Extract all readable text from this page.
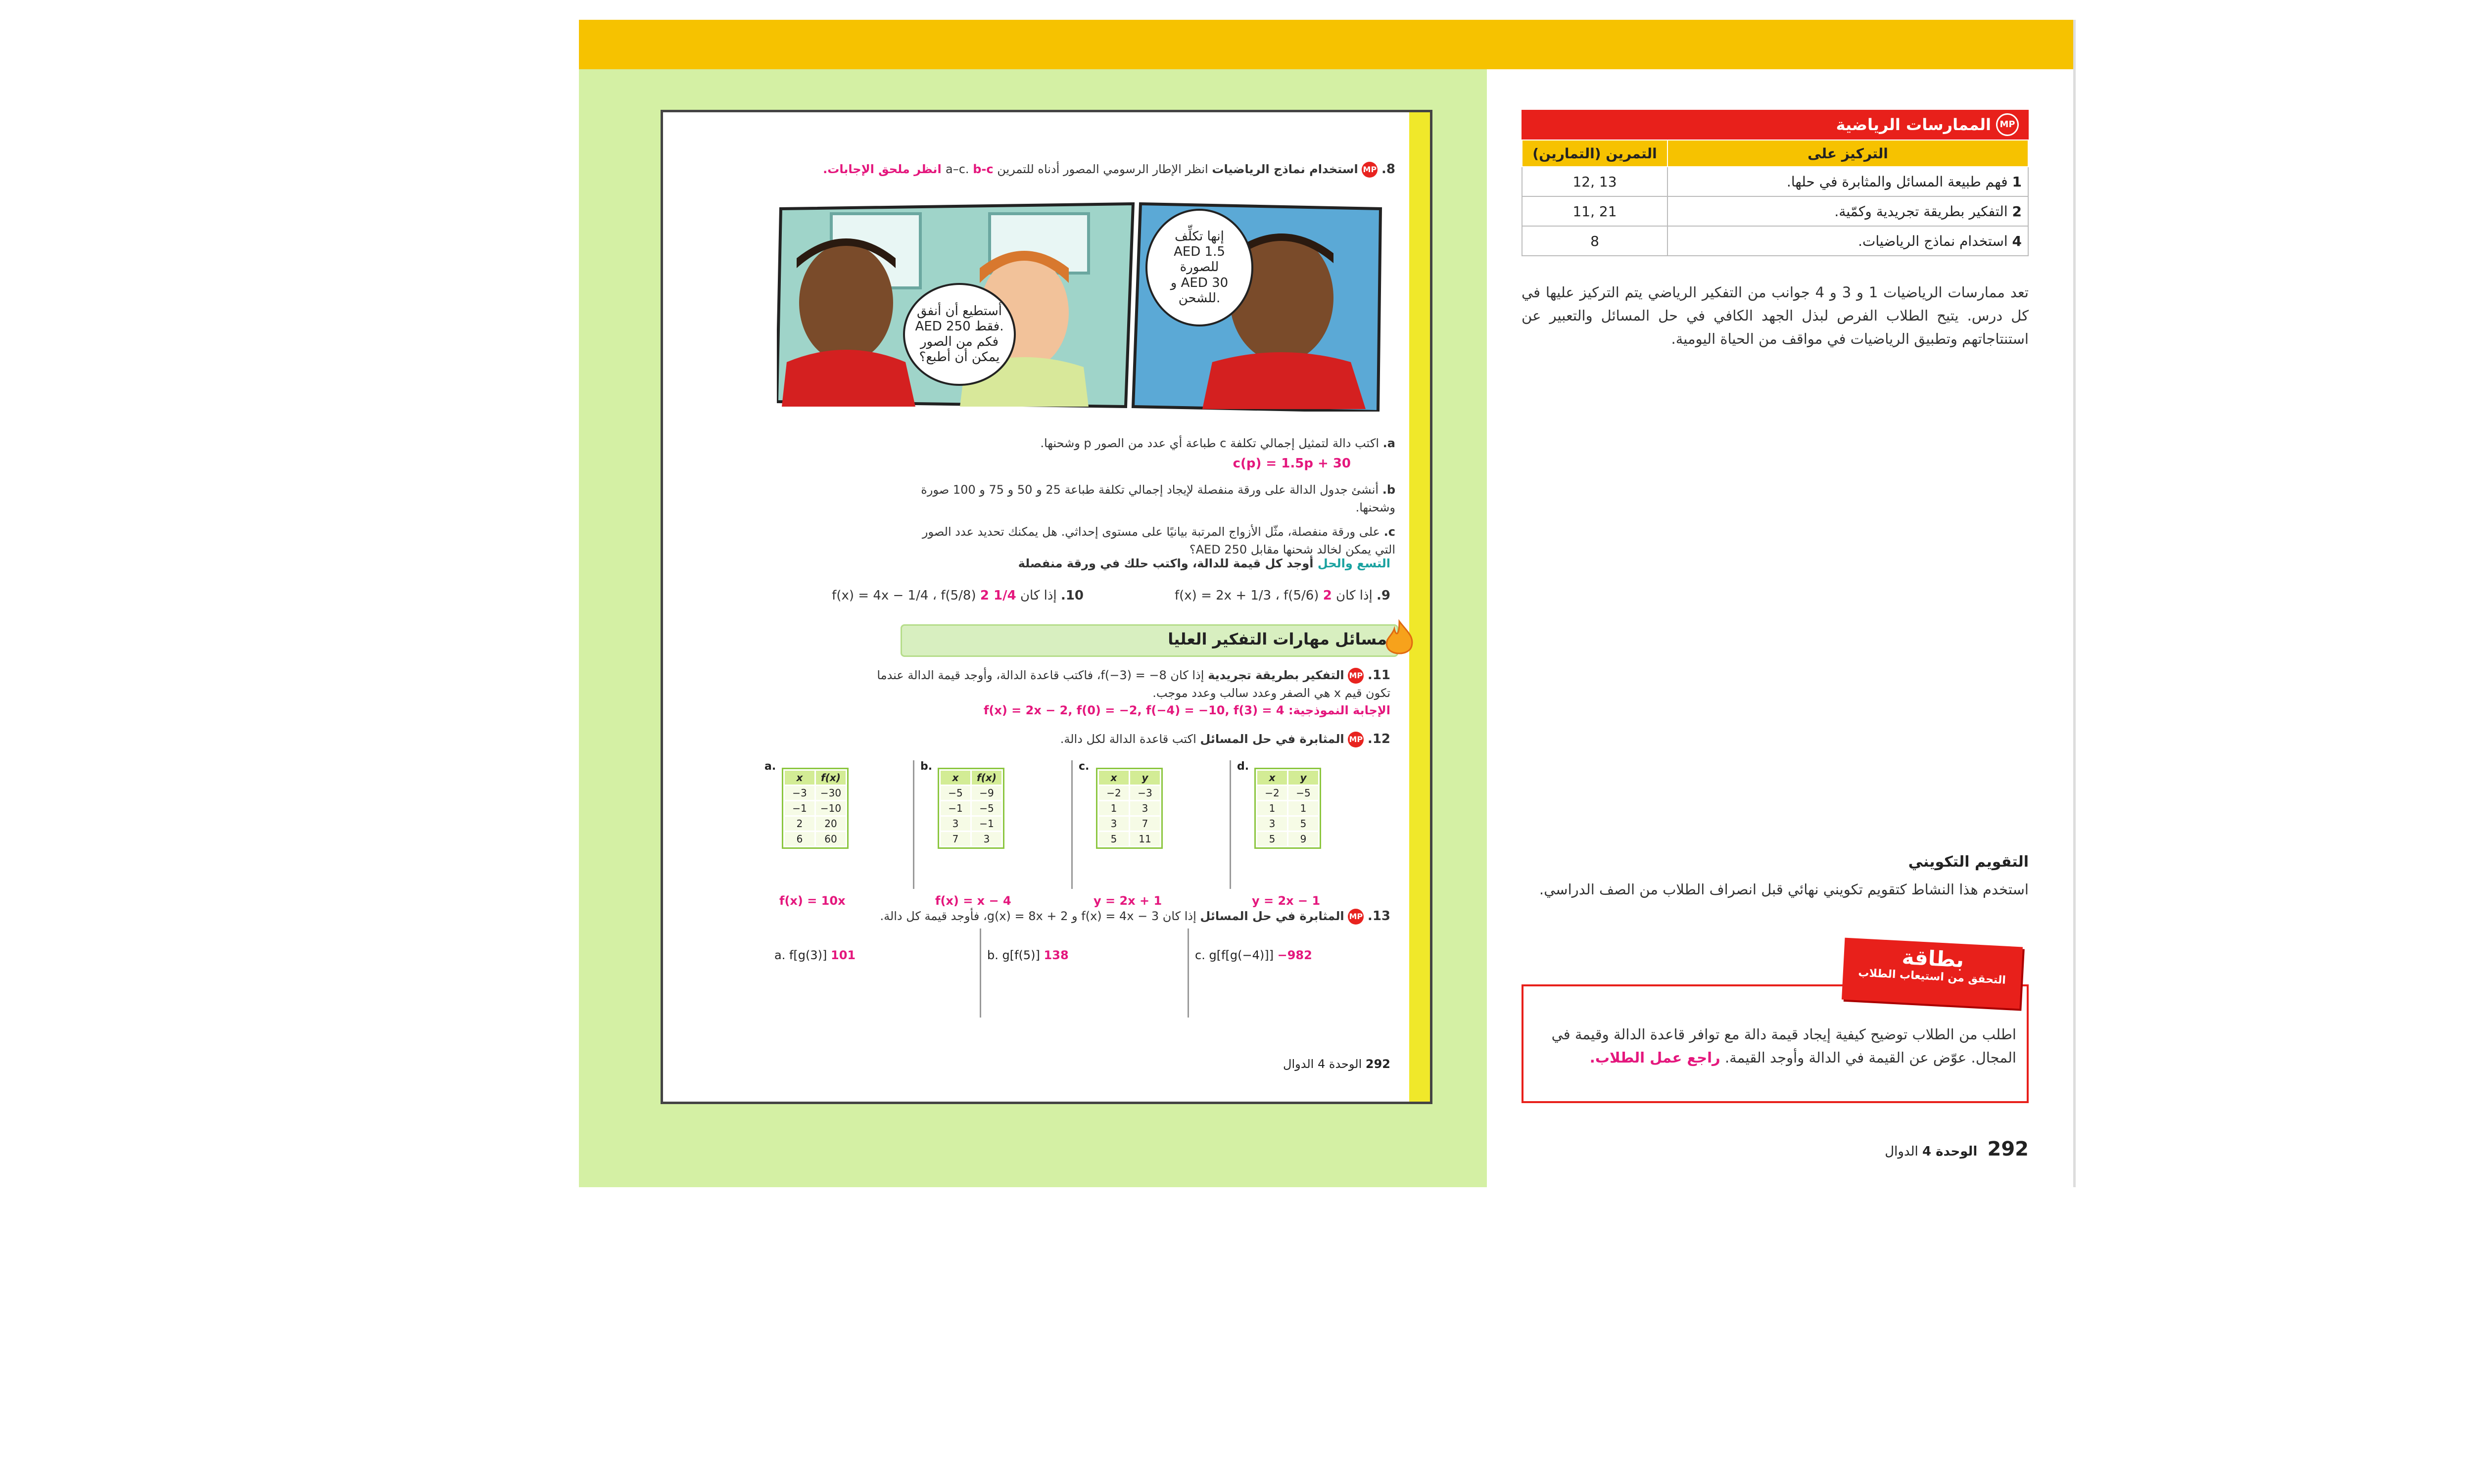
8. MP استخدام نماذج الرياضيات انظر الإطار الرسومي المصور أدناه للتمرين a–c. b-c انظر ملحق الإجابات.
إنها تكلِّف
AED 1.5
للصورة
و AED 30
للشحن.
أستطيع أن أنفق
AED 250 فقط.
فكم من الصور
يمكن أن أطبع؟
a. اكتب دالة لتمثيل إجمالي تكلفة c طباعة أي عدد من الصور p وشحنها.
c(p) = 1.5p + 30
b. أنشئ جدول الدالة على ورقة منفصلة لإيجاد إجمالي تكلفة طباعة 25 و 50 و 75 و 100 صورة وشحنها.
c. على ورقة منفصلة، مثّل الأزواج المرتبة بيانيًا على مستوى إحداثي. هل يمكنك تحديد عدد الصور التي يمكن لخالد شحنها مقابل AED 250؟
التسع والحل أوجد كل قيمة للدالة، واكتب حلك في ورقة منفصلة
9. إذا كان f(x) = 2x + 1/3 ، f(5/6) 2
10. إذا كان f(x) = 4x − 1/4 ، f(5/8) 2 1/4
مسائل مهارات التفكير العليا
11. MP التفكير بطريقة تجريدية إذا كان f(−3) = −8، فاكتب قاعدة الدالة، وأوجد قيمة الدالة عندما تكون قيم x هي الصفر وعدد سالب وعدد موجب.
الإجابة النموذجية: f(x) = 2x − 2, f(0) = −2, f(−4) = −10, f(3) = 4
12. MP المثابرة في حل المسائل اكتب قاعدة الدالة لكل دالة.
a.
x	f(x)
−3	−30
−1	−10
2	20
6	60
f(x) = 10x
b.
x	f(x)
−5	−9
−1	−5
3	−1
7	3
f(x) = x − 4
c.
x	y
−2	−3
1	3
3	7
5	11
y = 2x + 1
d.
x	y
−2	−5
1	1
3	5
5	9
y = 2x − 1
13. MP المثابرة في حل المسائل إذا كان f(x) = 4x − 3 و g(x) = 8x + 2، فأوجد قيمة كل دالة.
a. f[g(3)] 101	b. g[f(5)] 138	c. g[f[g(−4)]] −982
292 الوحدة 4 الدوال
MP
الممارسات الرياضية
التمرين (التمارين)	التركيز على
12, 13	1 فهم طبيعة المسائل والمثابرة في حلها.
11, 21	2 التفكير بطريقة تجريدية وكمّية.
8	4 استخدام نماذج الرياضيات.
تعد ممارسات الرياضيات 1 و 3 و 4 جوانب من التفكير الرياضي يتم التركيز عليها في كل درس. يتيح الطلاب الفرص لبذل الجهد الكافي في حل المسائل والتعبير عن استنتاجاتهم وتطبيق الرياضيات في مواقف من الحياة اليومية.
التقويم التكويني
استخدم هذا النشاط كتقويم تكويني نهائي قبل انصراف الطلاب من الصف الدراسي.
بطاقة
التحقق من استيعاب الطلاب
اطلب من الطلاب توضيح كيفية إيجاد قيمة دالة مع توافر قاعدة الدالة وقيمة في المجال. عوّض عن القيمة في الدالة وأوجد القيمة. راجع عمل الطلاب.
292 الوحدة 4 الدوال
